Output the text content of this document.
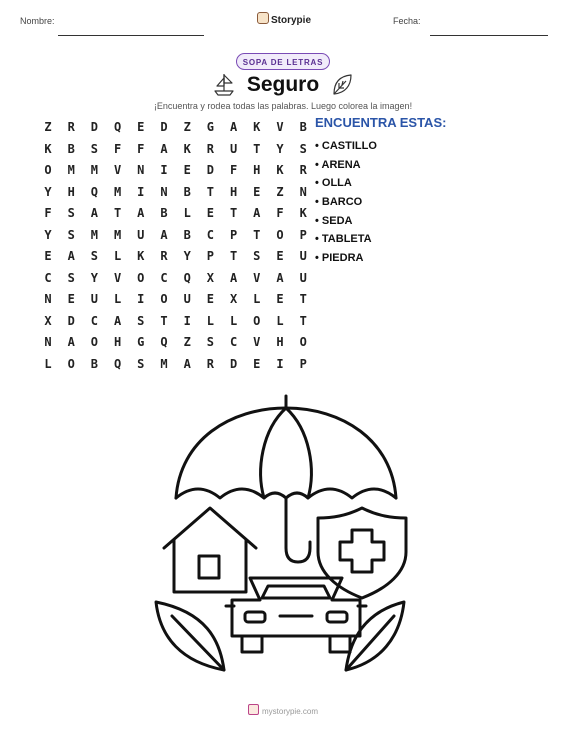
Nombre:	Storypie	Fecha:
SOPA DE LETRAS
Seguro
¡Encuentra y rodea todas las palabras. Luego colorea la imagen!
Z	R	D	Q	E	D	Z	G	A	K	V	B
K	B	S	F	F	A	K	R	U	T	Y	S
O	M	M	V	N	I	E	D	F	H	K	R
Y	H	Q	M	I	N	B	T	H	E	Z	N
F	S	A	T	A	B	L	E	T	A	F	K
Y	S	M	M	U	A	B	C	P	T	O	P
E	A	S	L	K	R	Y	P	T	S	E	U
C	S	Y	V	O	C	Q	X	A	V	A	U
N	E	U	L	I	O	U	E	X	L	E	T
X	D	C	A	S	T	I	L	L	O	L	T
N	A	O	H	G	Q	Z	S	C	V	H	O
L	O	B	Q	S	M	A	R	D	E	I	P
ENCUENTRA ESTAS:
• CASTILLO
• ARENA
• OLLA
• BARCO
• SEDA
• TABLETA
• PIEDRA
mystorypie.com
